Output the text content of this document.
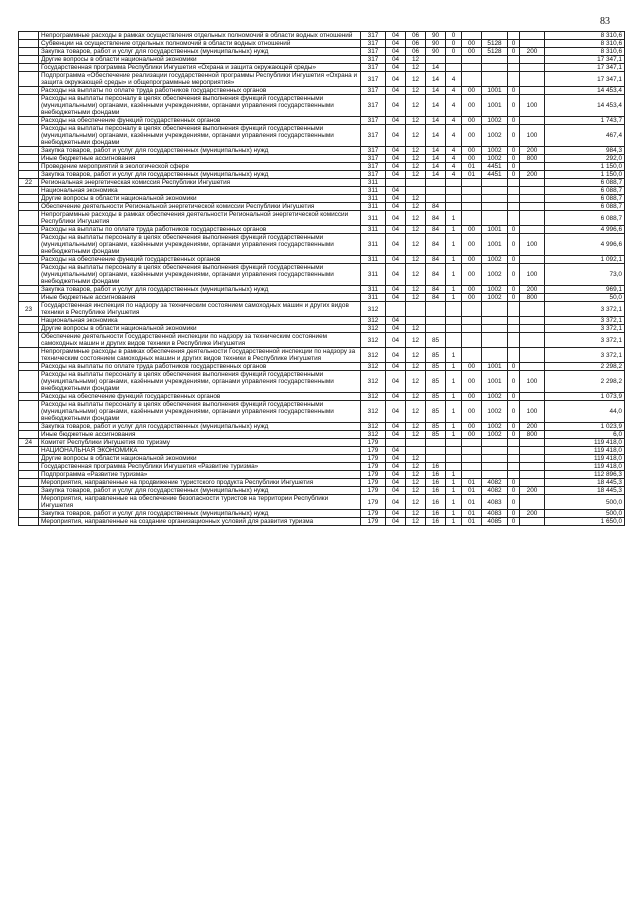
83
	Непрограммные расходы в рамках осуществления отдельных полномочий в области водных отношений	317	04	06	90	0					8 310,6
	Субвенции на осуществление отдельных полномочий в области водных отношений	317	04	06	90	0	00	5128	0		8 310,6
	Закупка товаров, работ и услуг для государственных (муниципальных) нужд	317	04	06	90	0	00	5128	0	200	8 310,6
	Другие вопросы в области национальной экономики	317	04	12							17 347,1
	Государственная программа Республики Ингушетия «Охрана и защита окружающей среды»	317	04	12	14						17 347,1
	Подпрограмма «Обеспечение реализации государственной программы Республики Ингушетия «Охрана и защита окружающей среды» и общепрограммные мероприятия»	317	04	12	14	4					17 347,1
	Расходы на выплаты по оплате труда работников государственных органов	317	04	12	14	4	00	1001	0		14 453,4
	Расходы на выплаты персоналу в целях обеспечения выполнения функций государственными (муниципальными) органами, казёнными учреждениями, органами управления государственными внебюджетными фондами	317	04	12	14	4	00	1001	0	100	14 453,4
	Расходы на обеспечение функций государственных органов	317	04	12	14	4	00	1002	0		1 743,7
	Расходы на выплаты персоналу в целях обеспечения выполнения функций государственными (муниципальными) органами, казёнными учреждениями, органами управления государственными внебюджетными фондами	317	04	12	14	4	00	1002	0	100	467,4
	Закупка товаров, работ и услуг для государственных (муниципальных) нужд	317	04	12	14	4	00	1002	0	200	984,3
	Иные бюджетные ассигнования	317	04	12	14	4	00	1002	0	800	292,0
	Проведение мероприятий в экологической сфере	317	04	12	14	4	01	4451	0		1 150,0
	Закупка товаров, работ и услуг для государственных (муниципальных) нужд	317	04	12	14	4	01	4451	0	200	1 150,0
22	Региональная энергетическая комиссия Республики Ингушетия	311									6 088,7
	Национальная экономика	311	04								6 088,7
	Другие вопросы в области национальной экономики	311	04	12							6 088,7
	Обеспечение деятельности Региональной энергетической комиссии Республики Ингушетия	311	04	12	84						6 088,7
	Непрограммные расходы в рамках обеспечения деятельности Региональной энергетической комиссии Республики Ингушетия	311	04	12	84	1					6 088,7
	Расходы на выплаты по оплате труда работников государственных органов	311	04	12	84	1	00	1001	0		4 996,6
	Расходы на выплаты персоналу в целях обеспечения выполнения функций государственными (муниципальными) органами, казёнными учреждениями, органами управления государственными внебюджетными фондами	311	04	12	84	1	00	1001	0	100	4 996,6
	Расходы на обеспечение функций государственных органов	311	04	12	84	1	00	1002	0		1 092,1
	Расходы на выплаты персоналу в целях обеспечения выполнения функций государственными (муниципальными) органами, казёнными учреждениями, органами управления государственными внебюджетными фондами	311	04	12	84	1	00	1002	0	100	73,0
	Закупка товаров, работ и услуг для государственных (муниципальных) нужд	311	04	12	84	1	00	1002	0	200	969,1
	Иные бюджетные ассигнования	311	04	12	84	1	00	1002	0	800	50,0
23	Государственная инспекция по надзору за техническим состоянием самоходных машин и других видов техники в Республике Ингушетия	312									3 372,1
	Национальная экономика	312	04								3 372,1
	Другие вопросы в области национальной экономики	312	04	12							3 372,1
	Обеспечение деятельности Государственной инспекции по надзору за техническим состоянием самоходных машин и других видов техники в Республике Ингушетия	312	04	12	85						3 372,1
	Непрограммные расходы в рамках обеспечения деятельности Государственной инспекции по надзору за техническим состоянием самоходных машин и других видов техники в Республике Ингушетия	312	04	12	85	1					3 372,1
	Расходы на выплаты по оплате труда работников государственных органов	312	04	12	85	1	00	1001	0		2 298,2
	Расходы на выплаты персоналу в целях обеспечения выполнения функций государственными (муниципальными) органами, казёнными учреждениями, органами управления государственными внебюджетными фондами	312	04	12	85	1	00	1001	0	100	2 298,2
	Расходы на обеспечение функций государственных органов	312	04	12	85	1	00	1002	0		1 073,9
	Расходы на выплаты персоналу в целях обеспечения выполнения функций государственными (муниципальными) органами, казёнными учреждениями, органами управления государственными внебюджетными фондами	312	04	12	85	1	00	1002	0	100	44,0
	Закупка товаров, работ и услуг для государственных (муниципальных) нужд	312	04	12	85	1	00	1002	0	200	1 023,9
	Иные бюджетные ассигнования	312	04	12	85	1	00	1002	0	800	6,0
24	Комитет Республики Ингушетия по туризму	179									119 418,0
	НАЦИОНАЛЬНАЯ ЭКОНОМИКА	179	04								119 418,0
	Другие вопросы в области национальной экономики	179	04	12							119 418,0
	Государственная программа Республики Ингушетия «Развитие туризма»	179	04	12	16						119 418,0
	Подпрограмма «Развитие туризма»	179	04	12	16	1					112 896,3
	Мероприятия, направленные на продвижение туристского продукта Республики Ингушетия	179	04	12	16	1	01	4082	0		18 445,3
	Закупка товаров, работ и услуг для государственных (муниципальных) нужд	179	04	12	16	1	01	4082	0	200	18 445,3
	Мероприятия, направленные на обеспечение безопасности туристов на территории Республики Ингушетия	179	04	12	16	1	01	4083	0		500,0
	Закупка товаров, работ и услуг для государственных (муниципальных) нужд	179	04	12	16	1	01	4083	0	200	500,0
	Мероприятия, направленные на создание организационных условий для развития туризма	179	04	12	16	1	01	4085	0		1 650,0
